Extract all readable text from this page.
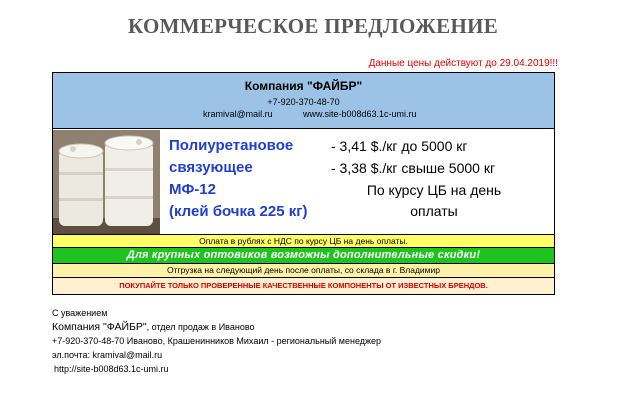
КОММЕРЧЕСКОЕ ПРЕДЛОЖЕНИЕ
Данные цены действуют до 29.04.2019!!!
Компания "ФАЙБР"
+7-920-370-48-70
kramival@mail.ru	www.site-b008d63.1c-umi.ru
Полиуретановое
связующее
МФ-12
(клей бочка 225 кг)
- 3,41 $./кг до 5000 кг
- 3,38 $./кг свыше 5000 кг
По курсу ЦБ на день
оплаты
Оплата в рублях с НДС по курсу ЦБ на день оплаты.
Для крупных оптовиков возможны дополнительные скидки!
Отгрузка на следующий день после оплаты, со склада в г. Владимир
ПОКУПАЙТЕ ТОЛЬКО ПРОВЕРЕННЫЕ КАЧЕСТВЕННЫЕ КОМПОНЕНТЫ ОТ ИЗВЕСТНЫХ БРЕНДОВ.
С уважением
Компания "ФАЙБР", отдел продаж в Иваново
+7-920-370-48-70 Иваново, Крашенинников Михаил - региональный менеджер
эл.почта: kramival@mail.ru
http://site-b008d63.1c-umi.ru
